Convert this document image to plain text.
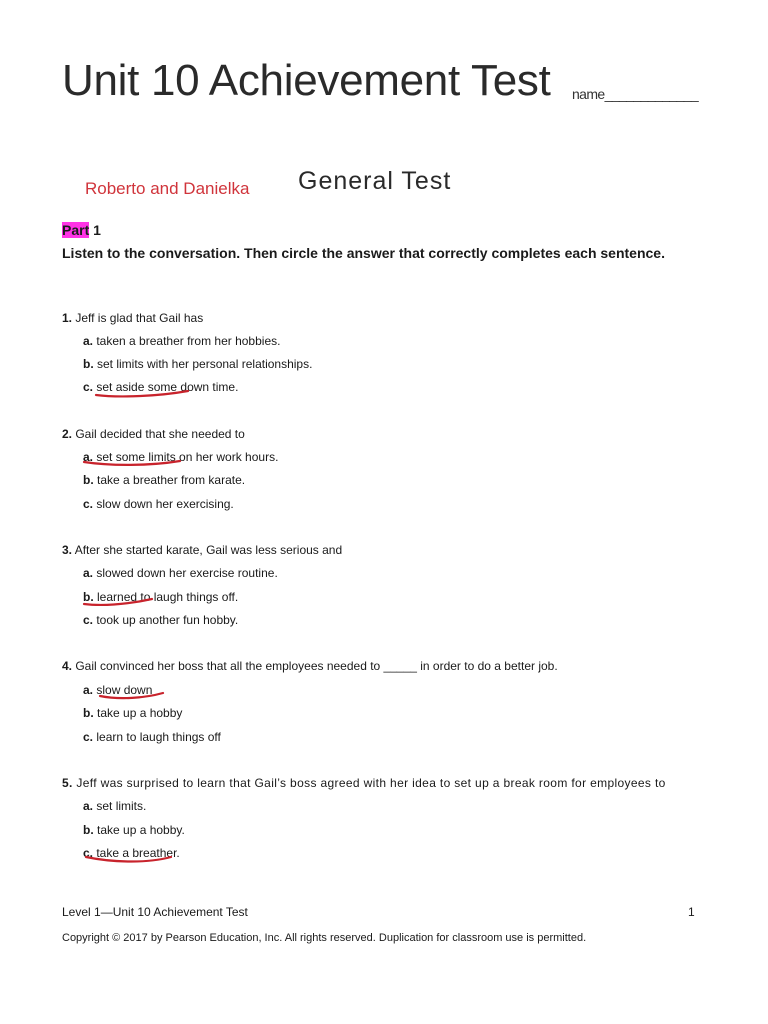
Unit 10 Achievement Test name_____________
Roberto and Danielka General Test
Part 1
Listen to the conversation. Then circle the answer that correctly completes each sentence.
1. Jeff is glad that Gail has
a. taken a breather from her hobbies.
b. set limits with her personal relationships.
c. set aside some down time.
2. Gail decided that she needed to
a. set some limits on her work hours.
b. take a breather from karate.
c. slow down her exercising.
3. After she started karate, Gail was less serious and
a. slowed down her exercise routine.
b. learned to laugh things off.
c. took up another fun hobby.
4. Gail convinced her boss that all the employees needed to _____ in order to do a better job.
a. slow down
b. take up a hobby
c. learn to laugh things off
5. Jeff was surprised to learn that Gail’s boss agreed with her idea to set up a break room for employees to
a. set limits.
b. take up a hobby.
c. take a breather.
Level 1—Unit 10 Achievement Test	1
Copyright © 2017 by Pearson Education, Inc. All rights reserved. Duplication for classroom use is permitted.
